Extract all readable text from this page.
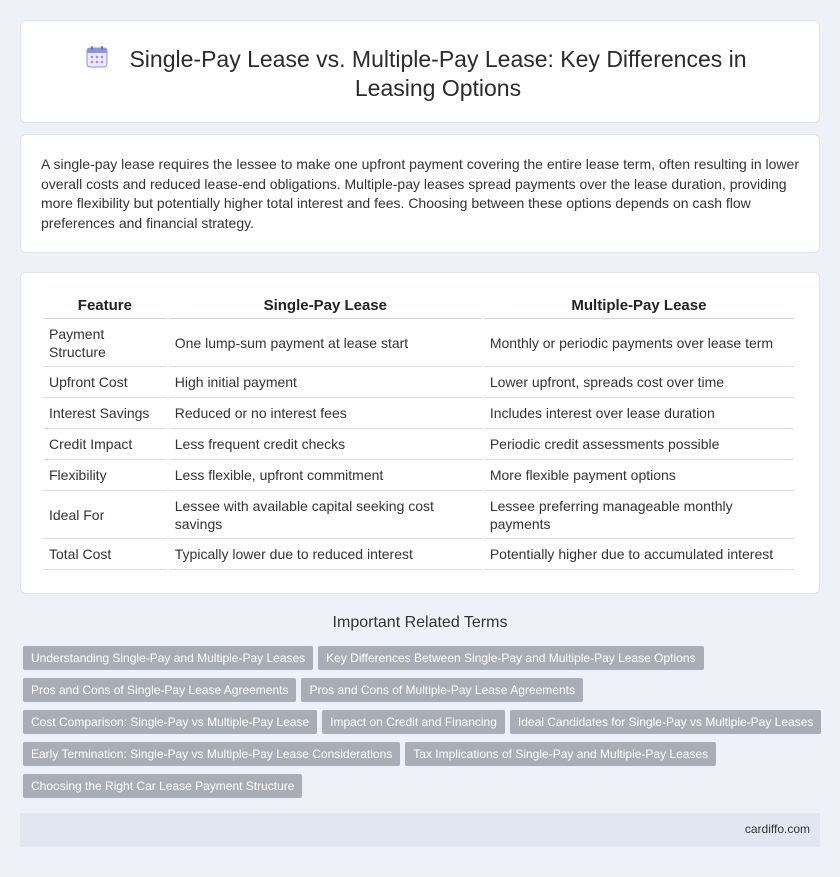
Single-Pay Lease vs. Multiple-Pay Lease: Key Differences in Leasing Options

A single-pay lease requires the lessee to make one upfront payment covering the entire lease term, often resulting in lower overall costs and reduced lease-end obligations. Multiple-pay leases spread payments over the lease duration, providing more flexibility but potentially higher total interest and fees. Choosing between these options depends on cash flow preferences and financial strategy.

Feature	Single-Pay Lease	Multiple-Pay Lease
Payment Structure	One lump-sum payment at lease start	Monthly or periodic payments over lease term
Upfront Cost	High initial payment	Lower upfront, spreads cost over time
Interest Savings	Reduced or no interest fees	Includes interest over lease duration
Credit Impact	Less frequent credit checks	Periodic credit assessments possible
Flexibility	Less flexible, upfront commitment	More flexible payment options
Ideal For	Lessee with available capital seeking cost savings	Lessee preferring manageable monthly payments
Total Cost	Typically lower due to reduced interest	Potentially higher due to accumulated interest
Important Related Terms
Understanding Single-Pay and Multiple-Pay Leases Key Differences Between Single-Pay and Multiple-Pay Lease Options
Pros and Cons of Single-Pay Lease Agreements Pros and Cons of Multiple-Pay Lease Agreements
Cost Comparison: Single-Pay vs Multiple-Pay Lease Impact on Credit and Financing Ideal Candidates for Single-Pay vs Multiple-Pay Leases
Early Termination: Single-Pay vs Multiple-Pay Lease Considerations Tax Implications of Single-Pay and Multiple-Pay Leases
Choosing the Right Car Lease Payment Structure
cardiffo.com
